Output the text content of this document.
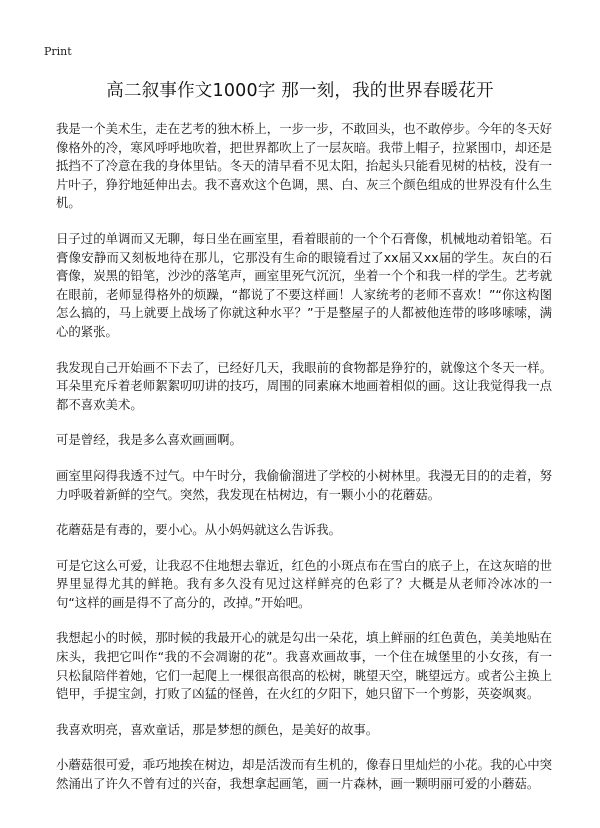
Print
高二叙事作文1000字 那一刻，我的世界春暖花开

我是一个美术生，走在艺考的独木桥上，一步一步，不敢回头，也不敢停步。今年的冬天好像格外的冷，寒风呼呼地吹着，把世界都吹上了一层灰暗。我带上帽子，拉紧围巾，却还是抵挡不了冷意在我的身体里钻。冬天的清早看不见太阳，抬起头只能看见树的枯枝，没有一片叶子，狰狞地延伸出去。我不喜欢这个色调，黑、白、灰三个颜色组成的世界没有什么生机。

日子过的单调而又无聊，每日坐在画室里，看着眼前的一个个石膏像，机械地动着铅笔。石膏像安静而又刻板地待在那儿，它那没有生命的眼镜看过了xx届又xx届的学生。灰白的石膏像，炭黑的铅笔，沙沙的落笔声，画室里死气沉沉，坐着一个个和我一样的学生。艺考就在眼前，老师显得格外的烦躁，“都说了不要这样画！人家统考的老师不喜欢！”“你这构图怎么搞的，马上就要上战场了你就这种水平？”于是整屋子的人都被他连带的哆哆嗦嗦，满心的紧张。

我发现自己开始画不下去了，已经好几天，我眼前的食物都是狰狞的，就像这个冬天一样。耳朵里充斥着老师絮絮叨叨讲的技巧，周围的同素麻木地画着相似的画。这让我觉得我一点都不喜欢美术。

可是曾经，我是多么喜欢画画啊。

画室里闷得我透不过气。中午时分，我偷偷溜进了学校的小树林里。我漫无目的的走着，努力呼吸着新鲜的空气。突然，我发现在枯树边，有一颗小小的花蘑菇。

花蘑菇是有毒的，要小心。从小妈妈就这么告诉我。

可是它这么可爱，让我忍不住地想去靠近，红色的小斑点布在雪白的底子上，在这灰暗的世界里显得尤其的鲜艳。我有多久没有见过这样鲜亮的色彩了？大概是从老师冷冰冰的一句“这样的画是得不了高分的，改掉。”开始吧。

我想起小的时候，那时候的我最开心的就是勾出一朵花，填上鲜丽的红色黄色，美美地贴在床头，我把它叫作“我的不会凋谢的花”。我喜欢画故事，一个住在城堡里的小女孩，有一只松鼠陪伴着她，它们一起爬上一棵很高很高的松树，眺望天空，眺望远方。或者公主换上铠甲，手提宝剑，打败了凶猛的怪兽，在火红的夕阳下，她只留下一个剪影，英姿飒爽。

我喜欢明亮，喜欢童话，那是梦想的颜色，是美好的故事。

小蘑菇很可爱，乖巧地挨在树边，却是活泼而有生机的，像春日里灿烂的小花。我的心中突然涌出了许久不曾有过的兴奋，我想拿起画笔，画一片森林，画一颗明丽可爱的小蘑菇。
